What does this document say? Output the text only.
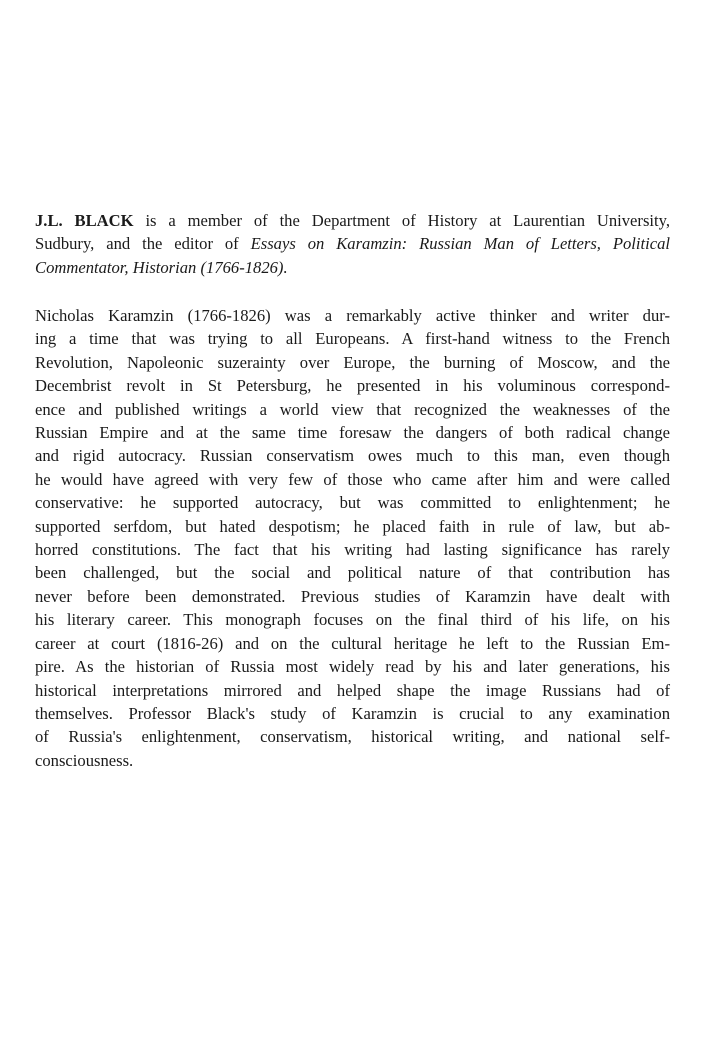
J.L. BLACK is a member of the Department of History at Laurentian University,
Sudbury, and the editor of Essays on Karamzin: Russian Man of Letters, Political
Commentator, Historian (1766-1826).
Nicholas Karamzin (1766-1826) was a remarkably active thinker and writer dur-
ing a time that was trying to all Europeans. A first-hand witness to the French
Revolution, Napoleonic suzerainty over Europe, the burning of Moscow, and the
Decembrist revolt in St Petersburg, he presented in his voluminous correspond-
ence and published writings a world view that recognized the weaknesses of the
Russian Empire and at the same time foresaw the dangers of both radical change
and rigid autocracy. Russian conservatism owes much to this man, even though
he would have agreed with very few of those who came after him and were called
conservative: he supported autocracy, but was committed to enlightenment; he
supported serfdom, but hated despotism; he placed faith in rule of law, but ab-
horred constitutions. The fact that his writing had lasting significance has rarely
been challenged, but the social and political nature of that contribution has
never before been demonstrated. Previous studies of Karamzin have dealt with
his literary career. This monograph focuses on the final third of his life, on his
career at court (1816-26) and on the cultural heritage he left to the Russian Em-
pire. As the historian of Russia most widely read by his and later generations, his
historical interpretations mirrored and helped shape the image Russians had of
themselves. Professor Black's study of Karamzin is crucial to any examination
of Russia's enlightenment, conservatism, historical writing, and national self-
consciousness.
